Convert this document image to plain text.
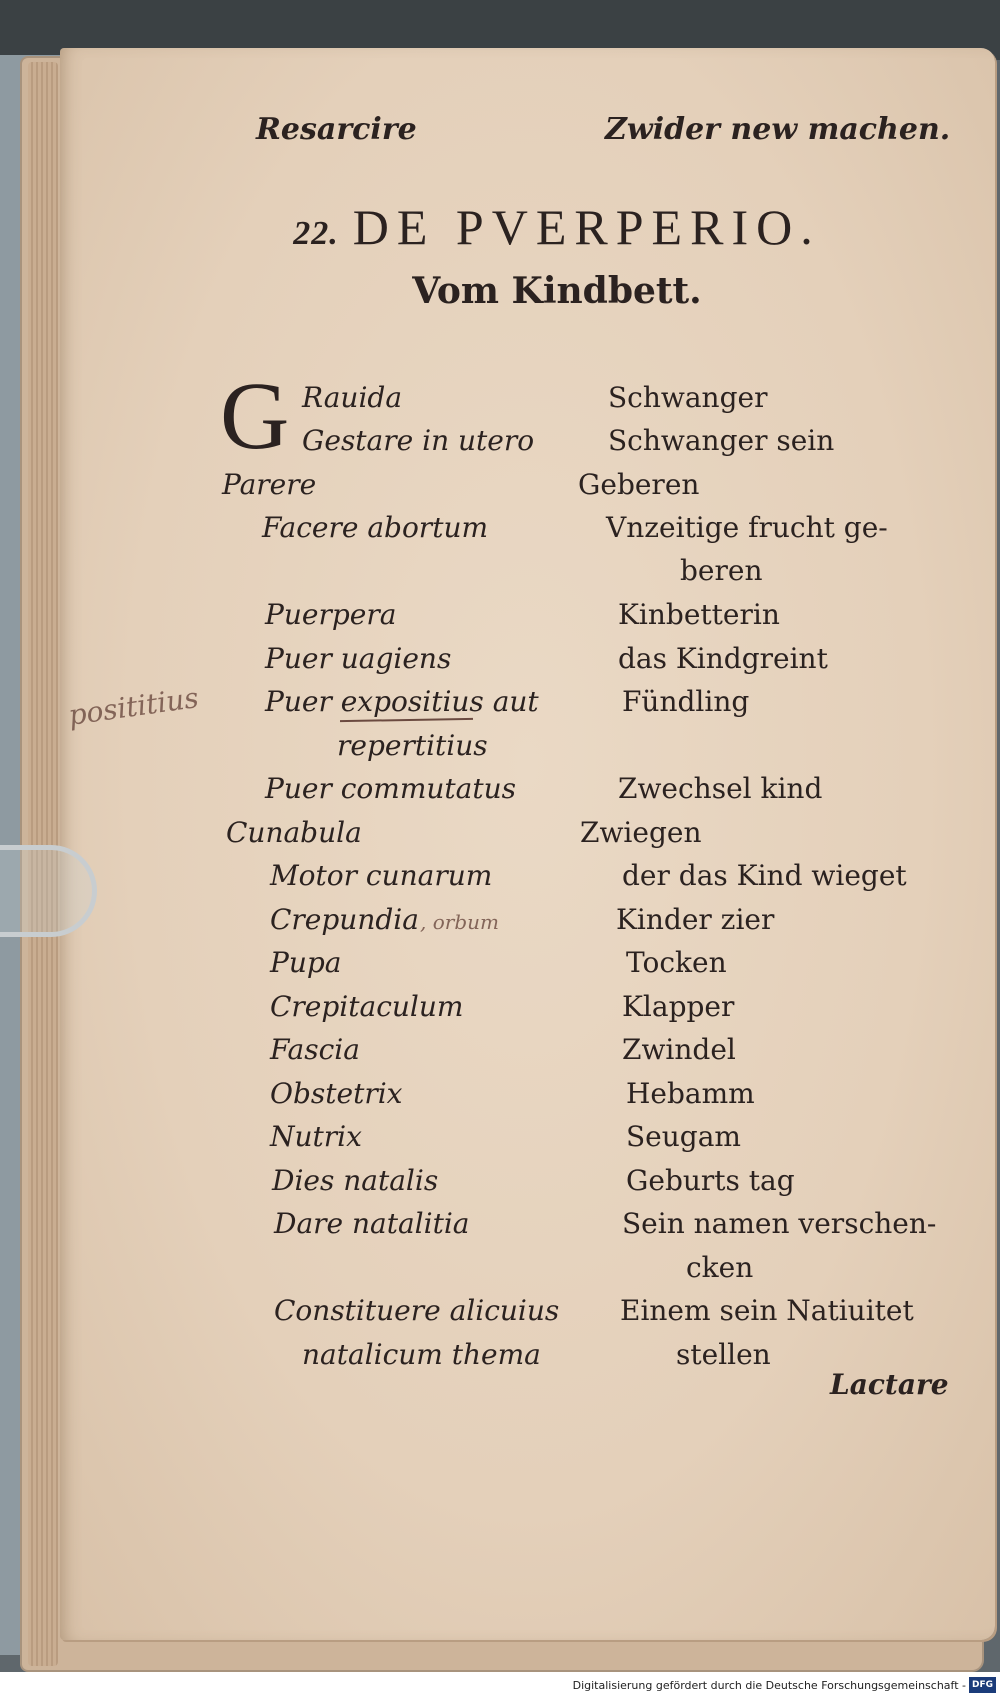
Resarcire	Zwider new machen.
22. DE PVERPERIO.
Vom Kindbett.
G Rauida
Gestare in utero
Parere
Facere abortum
Puerpera
Puer uagiens
Puer expositius aut
repertitius
Puer commutatus
Cunabula
Motor cunarum
Crepundia
Pupa
Crepitaculum
Fascia
Obstetrix
Nutrix
Dies natalis
Dare natalitia
Constituere alicuius
natalicum thema
Schwanger
Schwanger sein
Geberen
Vnzeitige frucht ge-
beren
Kinbetterin
das Kindgreint
Fündling
Zwechsel kind
Zwiegen
der das Kind wieget
Kinder zier
Tocken
Klapper
Zwindel
Hebamm
Seugam
Geburts tag
Sein namen verschen-
cken
Einem sein Natiuitet
stellen
Lactare
posititius
, orbum
Digitalisierung gefördert durch die Deutsche Forschungsgemeinschaft - DFG
